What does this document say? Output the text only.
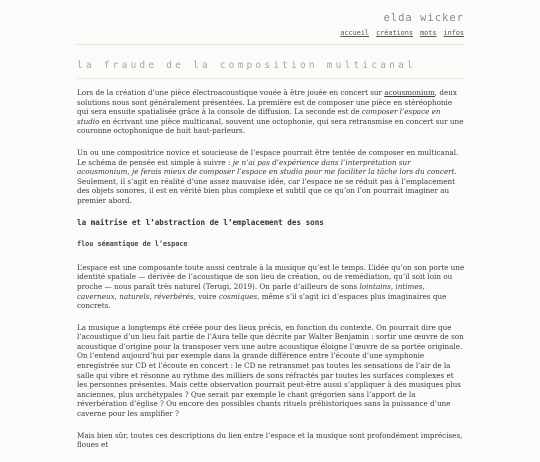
elda wicker
accueil créations mots infos
la fraude de la composition multicanal

Lors de la création d’une pièce électroacoustique vouée à être jouée en concert sur acousmonium, deux solutions nous sont généralement présentées. La première est de composer une pièce en stéréophonie qui sera ensuite spatialisée grâce à la console de diffusion. La seconde est de composer l’espace en studio en écrivant une pièce multicanal, souvent une octophonie, qui sera retransmise en concert sur une couronne octophonique de huit haut-parleurs.

Un ou une compositrice novice et soucieuse de l’espace pourrait être tentée de composer en multicanal. Le schéma de pensée est simple à suivre : je n’ai pas d’expérience dans l’interprétation sur acousmonium, je ferais mieux de composer l’espace en studio pour me faciliter la tâche lors du concert. Seulement, il s’agit en réalité d’une assez mauvaise idée, car l’espace ne se réduit pas à l’emplacement des objets sonores, il est en vérité bien plus complexe et subtil que ce qu’on l’on pourrait imaginer au premier abord.

la maitrise et l’abstraction de l’emplacement des sons
flou sémantique de l’espace

L’espace est une composante toute aussi centrale à la musique qu’est le temps. L’idée qu’on son porte une identité spatiale — dérivée de l’acoustique de son lieu de création, ou de remédiation, qu’il soit loin ou proche — nous paraît très naturel (Terugi, 2019). On parle d’ailleurs de sons lointains, intimes, caverneux, naturels, réverbérés, voire cosmiques, même s’il s’agit ici d’espaces plus imaginaires que concrets.

La musique a longtemps été créée pour des lieux précis, en fonction du contexte. On pourrait dire que l’acoustique d’un lieu fait partie de l’Aura telle que décrite par Walter Benjamin : sortir une œuvre de son acoustique d’origine pour la transposer vers une autre acoustique éloigne l’œuvre de sa portée originale. On l’entend aujourd’hui par exemple dans la grande différence entre l’écoute d’une symphonie enregistrée sur CD et l’écoute en concert : le CD ne retransmet pas toutes les sensations de l’air de la salle qui vibre et résonne au rythme des milliers de sons réfractés par toutes les surfaces complexes et les personnes présentes. Mais cette observation pourrait peut-être aussi s’appliquer à des musiques plus anciennes, plus archétypales ? Que serait par exemple le chant grégorien sans l’apport de la réverbération d’église ? Ou encore des possibles chants rituels préhistoriques sans la puissance d’une caverne pour les amplifier ?

Mais bien sûr, toutes ces descriptions du lien entre l’espace et la musique sont profondément imprécises, floues et
